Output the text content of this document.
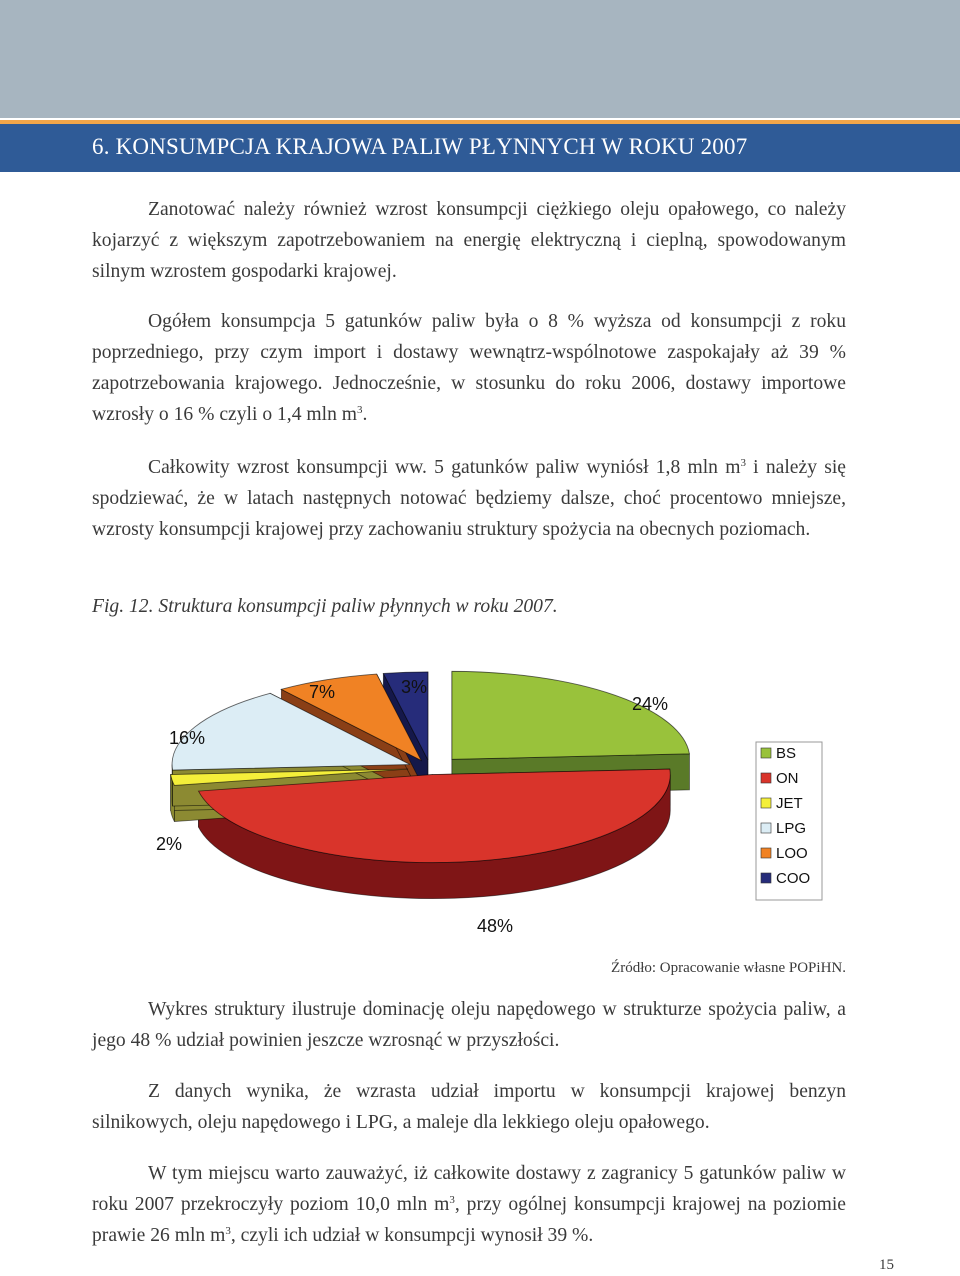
6. KONSUMPCJA KRAJOWA PALIW PŁYNNYCH W ROKU 2007

Zanotować należy również wzrost konsumpcji ciężkiego oleju opałowego, co należy kojarzyć z większym zapotrzebowaniem na energię elektryczną i cieplną, spowodowanym silnym wzrostem gospodarki krajowej.

Ogółem konsumpcja 5 gatunków paliw była o 8 % wyższa od konsumpcji z roku poprzedniego, przy czym import i dostawy wewnątrz-wspólnotowe zaspokajały aż 39 % zapotrzebowania krajowego. Jednocześnie, w stosunku do roku 2006, dostawy importowe wzrosły o 16 % czyli o 1,4 mln $m^3$.

Całkowity wzrost konsumpcji ww. 5 gatunków paliw wyniósł 1,8 mln $m^3$ i należy się spodziewać, że w latach następnych notować będziemy dalsze, choć procentowo mniejsze, wzrosty konsumpcji krajowej przy zachowaniu struktury spożycia na obecnych poziomach.

Fig. 12. Struktura konsumpcji paliw płynnych w roku 2007.

24%
48%
2%
16%
7%	3%
BS
ON
JET
LPG
LOO
COO

Źródło: Opracowanie własne POPiHN.

Wykres struktury ilustruje dominację oleju napędowego w strukturze spożycia paliw, a jego 48 % udział powinien jeszcze wzrosnąć w przyszłości.

Z danych wynika, że wzrasta udział importu w konsumpcji krajowej benzyn silnikowych, oleju napędowego i LPG, a maleje dla lekkiego oleju opałowego.

W tym miejscu warto zauważyć, iż całkowite dostawy z zagranicy 5 gatunków paliw w roku 2007 przekroczyły poziom 10,0 mln $m^3$, przy ogólnej konsumpcji krajowej na poziomie prawie 26 mln $m^3$, czyli ich udział w konsumpcji wynosił 39 %.

15
